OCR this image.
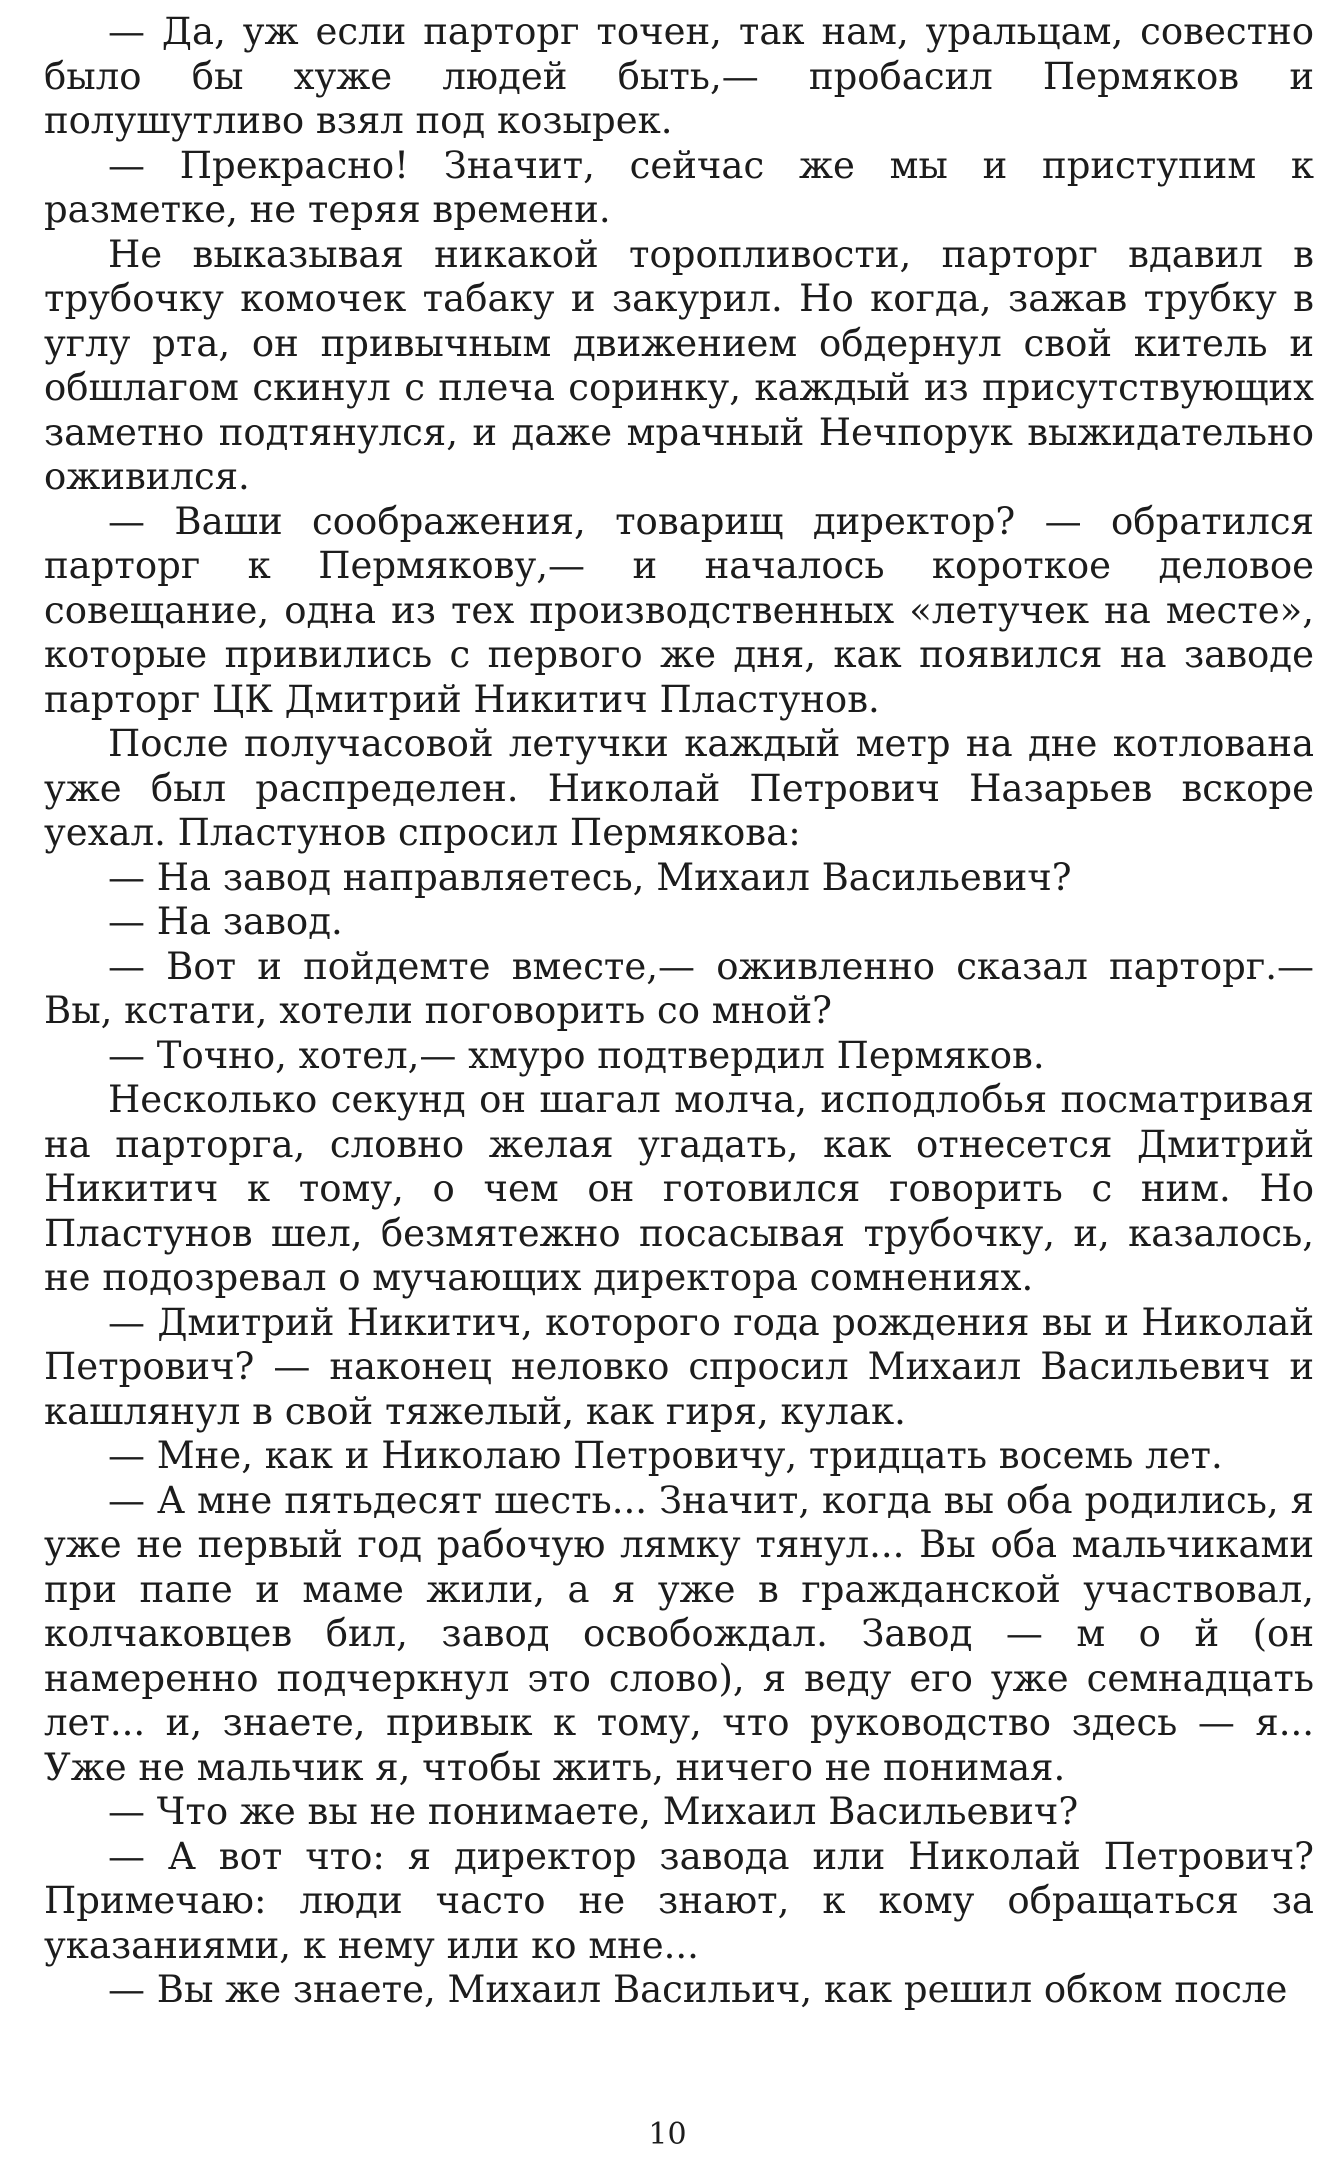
— Да, уж если парторг точен, так нам, уральцам, совестно было бы хуже людей быть,— пробасил Пермяков и полушутливо взял под козырек.

— Прекрасно! Значит, сейчас же мы и приступим к разметке, не теряя времени.

Не выказывая никакой торопливости, парторг вдавил в трубочку комочек табаку и закурил. Но когда, зажав трубку в углу рта, он привычным движением обдернул свой китель и обшлагом скинул с плеча соринку, каждый из присутствующих заметно подтянулся, и даже мрачный Нечпорук выжидательно оживился.

— Ваши соображения, товарищ директор? — обратился парторг к Пермякову,— и началось короткое деловое совещание, одна из тех производственных «летучек на месте», которые привились с первого же дня, как появился на заводе парторг ЦК Дмитрий Никитич Пластунов.

После получасовой летучки каждый метр на дне котлована уже был распределен. Николай Петрович Назарьев вскоре уехал. Пластунов спросил Пермякова:

— На завод направляетесь, Михаил Васильевич?

— На завод.

— Вот и пойдемте вместе,— оживленно сказал парторг.— Вы, кстати, хотели поговорить со мной?

— Точно, хотел,— хмуро подтвердил Пермяков.

Несколько секунд он шагал молча, исподлобья посматривая на парторга, словно желая угадать, как отнесется Дмитрий Никитич к тому, о чем он готовился говорить с ним. Но Пластунов шел, безмятежно посасывая трубочку, и, казалось, не подозревал о мучающих директора сомнениях.

— Дмитрий Никитич, которого года рождения вы и Николай Петрович? — наконец неловко спросил Михаил Васильевич и кашлянул в свой тяжелый, как гиря, кулак.

— Мне, как и Николаю Петровичу, тридцать восемь лет.

— А мне пятьдесят шесть... Значит, когда вы оба родились, я уже не первый год рабочую лямку тянул... Вы оба мальчиками при папе и маме жили, а я уже в гражданской участвовал, колчаковцев бил, завод освобождал. Завод — м о й (он намеренно подчеркнул это слово), я веду его уже семнадцать лет... и, знаете, привык к тому, что руководство здесь — я... Уже не мальчик я, чтобы жить, ничего не понимая.

— Что же вы не понимаете, Михаил Васильевич?

— А вот что: я директор завода или Николай Петрович? Примечаю: люди часто не знают, к кому обращаться за указаниями, к нему или ко мне...

— Вы же знаете, Михаил Васильич, как решил обком после

10
